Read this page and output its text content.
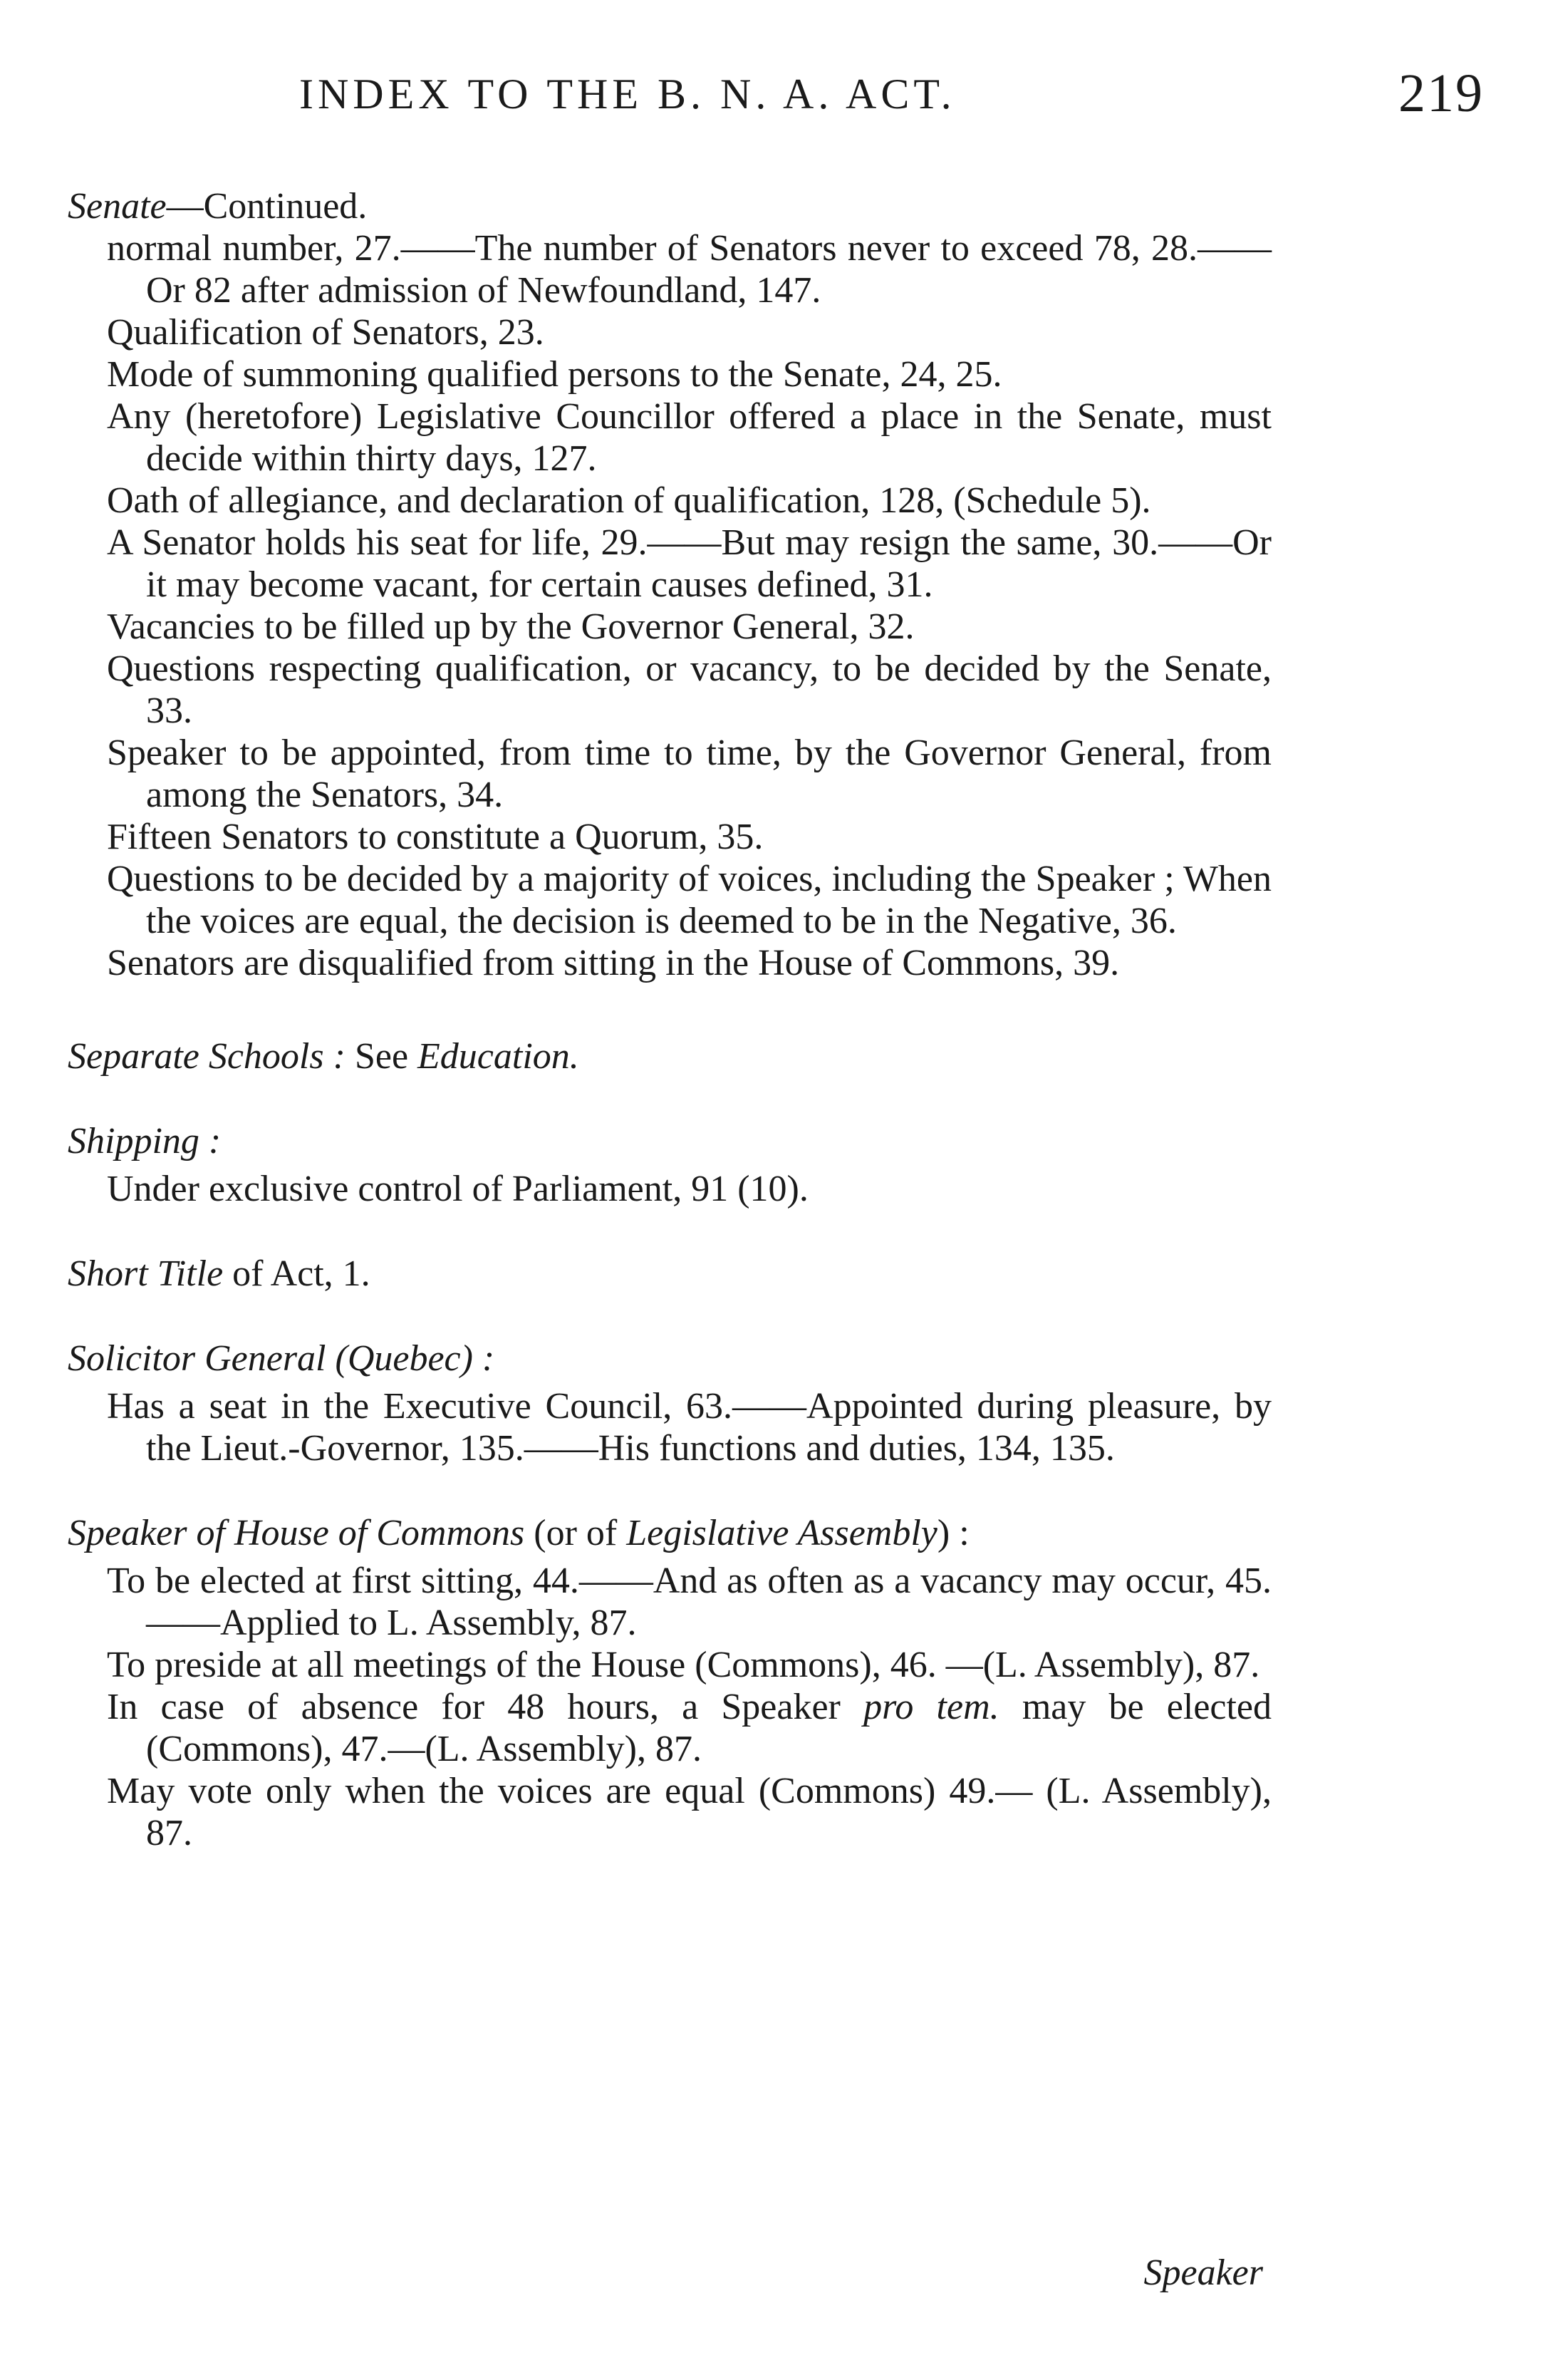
INDEX TO THE B. N. A. ACT.	219

Senate—Continued.

normal number, 27.——The number of Senators never to exceed 78, 28.——Or 82 after admission of Newfoundland, 147.
Qualification of Senators, 23.
Mode of summoning qualified persons to the Senate, 24, 25.
Any (heretofore) Legislative Councillor offered a place in the Senate, must decide within thirty days, 127.
Oath of allegiance, and declaration of qualification, 128, (Schedule 5).
A Senator holds his seat for life, 29.——But may resign the same, 30.——Or it may become vacant, for certain causes defined, 31.
Vacancies to be filled up by the Governor General, 32.
Questions respecting qualification, or vacancy, to be decided by the Senate, 33.
Speaker to be appointed, from time to time, by the Governor General, from among the Senators, 34.
Fifteen Senators to constitute a Quorum, 35.
Questions to be decided by a majority of voices, including the Speaker ; When the voices are equal, the decision is deemed to be in the Negative, 36.
Senators are disqualified from sitting in the House of Commons, 39.

Separate Schools : See Education.

Shipping :

Under exclusive control of Parliament, 91 (10).

Short Title of Act, 1.

Solicitor General (Quebec) :

Has a seat in the Executive Council, 63.——Appointed during pleasure, by the Lieut.-Governor, 135.——His functions and duties, 134, 135.

Speaker of House of Commons (or of Legislative Assembly) :

To be elected at first sitting, 44.——And as often as a vacancy may occur, 45.——Applied to L. Assembly, 87.
To preside at all meetings of the House (Commons), 46. —(L. Assembly), 87.
In case of absence for 48 hours, a Speaker pro tem. may be elected (Commons), 47.—(L. Assembly), 87.
May vote only when the voices are equal (Commons) 49.— (L. Assembly), 87.
Speaker
